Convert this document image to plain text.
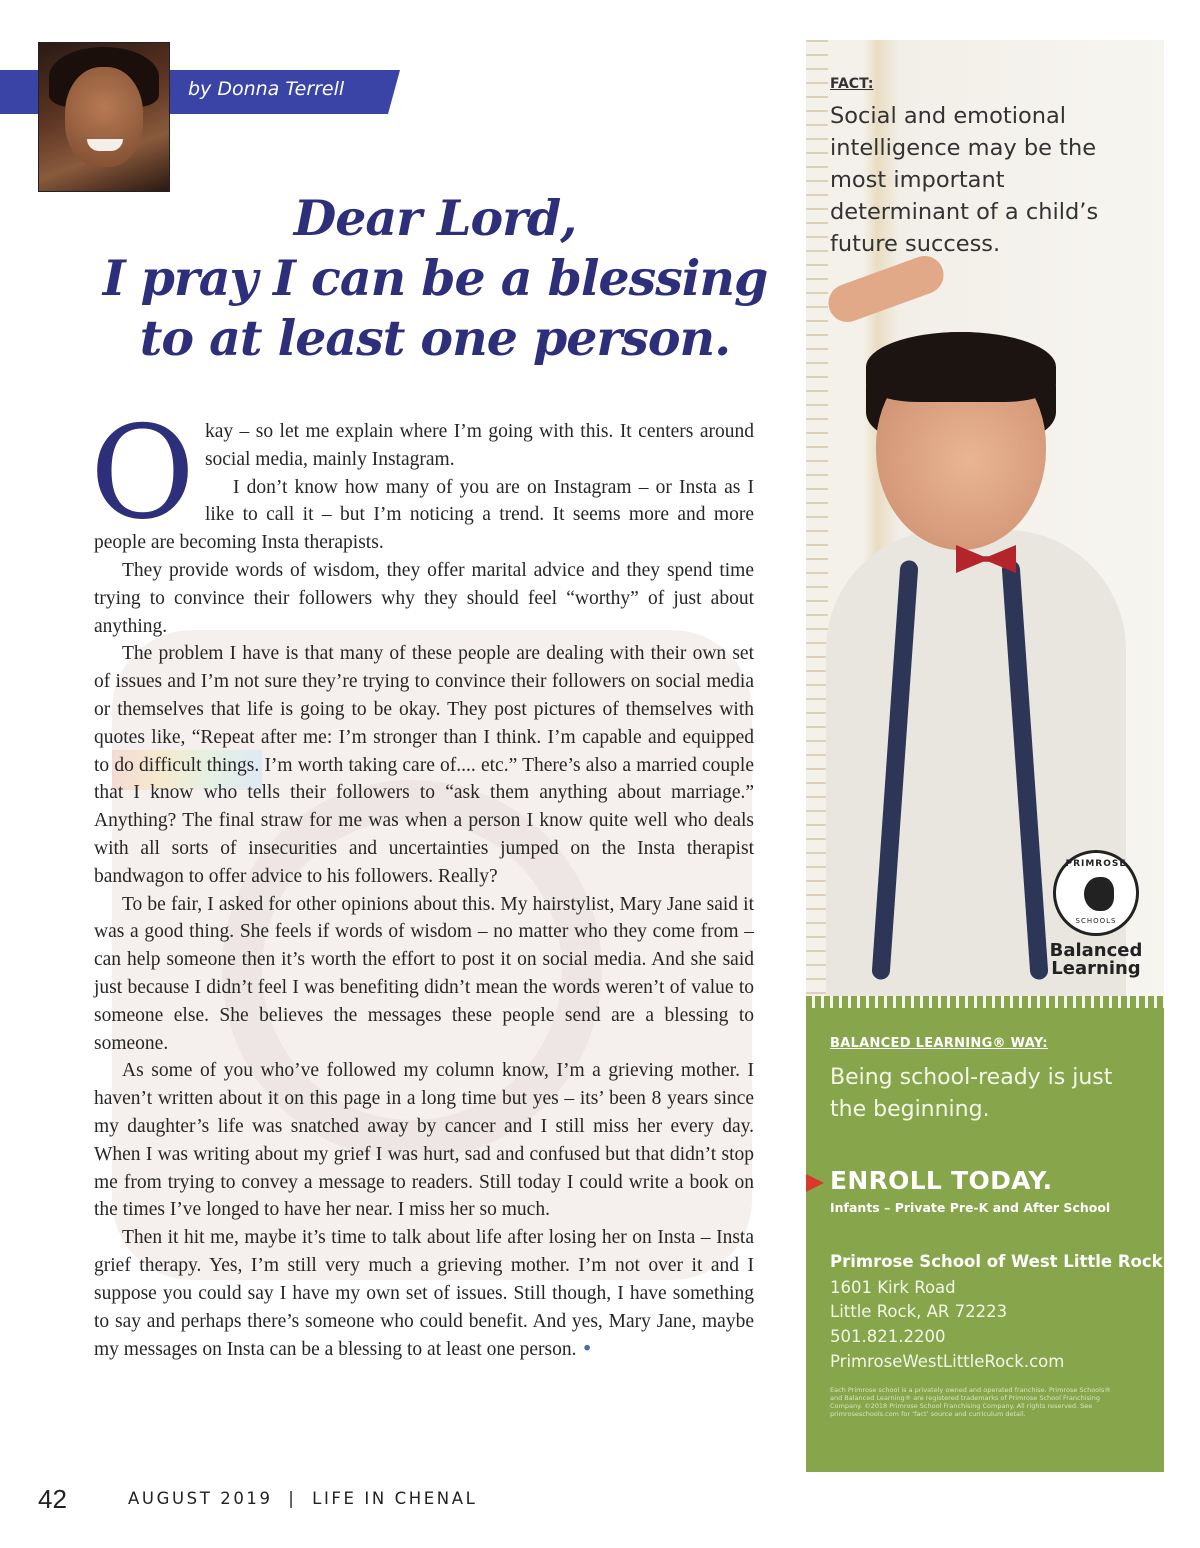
by Donna Terrell
Dear Lord,
I pray I can be a blessing
to at least one person.

Okay – so let me explain where I’m going with this. It centers around social media, mainly Instagram.

I don’t know how many of you are on Instagram – or Insta as I like to call it – but I’m noticing a trend. It seems more and more people are becoming Insta therapists.

They provide words of wisdom, they offer marital advice and they spend time trying to convince their followers why they should feel “worthy” of just about anything.

The problem I have is that many of these people are dealing with their own set of issues and I’m not sure they’re trying to convince their followers on social media or themselves that life is going to be okay. They post pictures of themselves with quotes like, “Repeat after me: I’m stronger than I think. I’m capable and equipped to do difficult things. I’m worth taking care of.... etc.” There’s also a married couple that I know who tells their followers to “ask them anything about marriage.” Anything? The final straw for me was when a person I know quite well who deals with all sorts of insecurities and uncertainties jumped on the Insta therapist bandwagon to offer advice to his followers. Really?

To be fair, I asked for other opinions about this. My hairstylist, Mary Jane said it was a good thing. She feels if words of wisdom – no matter who they come from – can help someone then it’s worth the effort to post it on social media. And she said just because I didn’t feel I was benefiting didn’t mean the words weren’t of value to someone else. She believes the messages these people send are a blessing to someone.

As some of you who’ve followed my column know, I’m a grieving mother. I haven’t written about it on this page in a long time but yes – its’ been 8 years since my daughter’s life was snatched away by cancer and I still miss her every day. When I was writing about my grief I was hurt, sad and confused but that didn’t stop me from trying to convey a message to readers. Still today I could write a book on the times I’ve longed to have her near. I miss her so much.

Then it hit me, maybe it’s time to talk about life after losing her on Insta – Insta grief therapy. Yes, I’m still very much a grieving mother. I’m not over it and I suppose you could say I have my own set of issues. Still though, I have something to say and perhaps there’s someone who could benefit. And yes, Mary Jane, maybe my messages on Insta can be a blessing to at least one person. •

42	AUGUST 2019  |  LIFE IN CHENAL
FACT:
Social and emotional intelligence may be the most important determinant of a child’s future success.
PRIMROSE
SCHOOLS
Balanced
Learning
BALANCED LEARNING® WAY:
Being school-ready is just the beginning.
ENROLL TODAY.
Infants – Private Pre-K and After School
Primrose School of West Little Rock
1601 Kirk Road
Little Rock, AR 72223
501.821.2200
PrimroseWestLittleRock.com
Each Primrose school is a privately owned and operated franchise. Primrose Schools® and Balanced Learning® are registered trademarks of Primrose School Franchising Company. ©2018 Primrose School Franchising Company. All rights reserved. See primroseschools.com for ‘fact’ source and curriculum detail.
